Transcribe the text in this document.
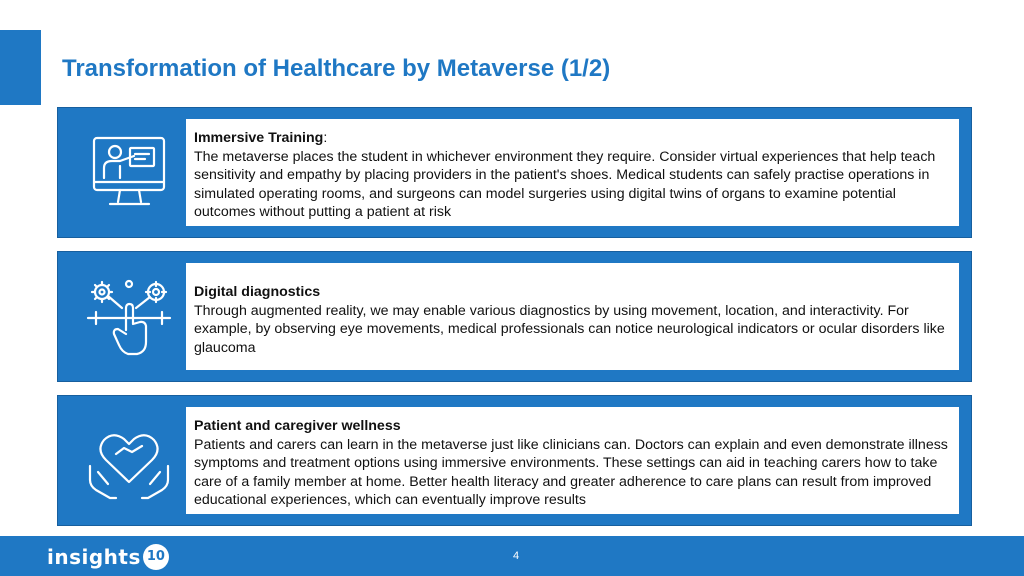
Transformation of Healthcare by Metaverse (1/2)
Immersive Training:
The metaverse places the student in whichever environment they require. Consider virtual experiences that help teach sensitivity and empathy by placing providers in the patient's shoes. Medical students can safely practise operations in simulated operating rooms, and surgeons can model surgeries using digital twins of organs to examine potential outcomes without putting a patient at risk
Digital diagnostics
Through augmented reality, we may enable various diagnostics by using movement, location, and interactivity. For example, by observing eye movements, medical professionals can notice neurological indicators or ocular disorders like glaucoma
Patient and caregiver wellness
Patients and carers can learn in the metaverse just like clinicians can. Doctors can explain and even demonstrate illness symptoms and treatment options using immersive environments. These settings can aid in teaching carers how to take care of a family member at home. Better health literacy and greater adherence to care plans can result from improved educational experiences, which can eventually improve results
insights 10	4
